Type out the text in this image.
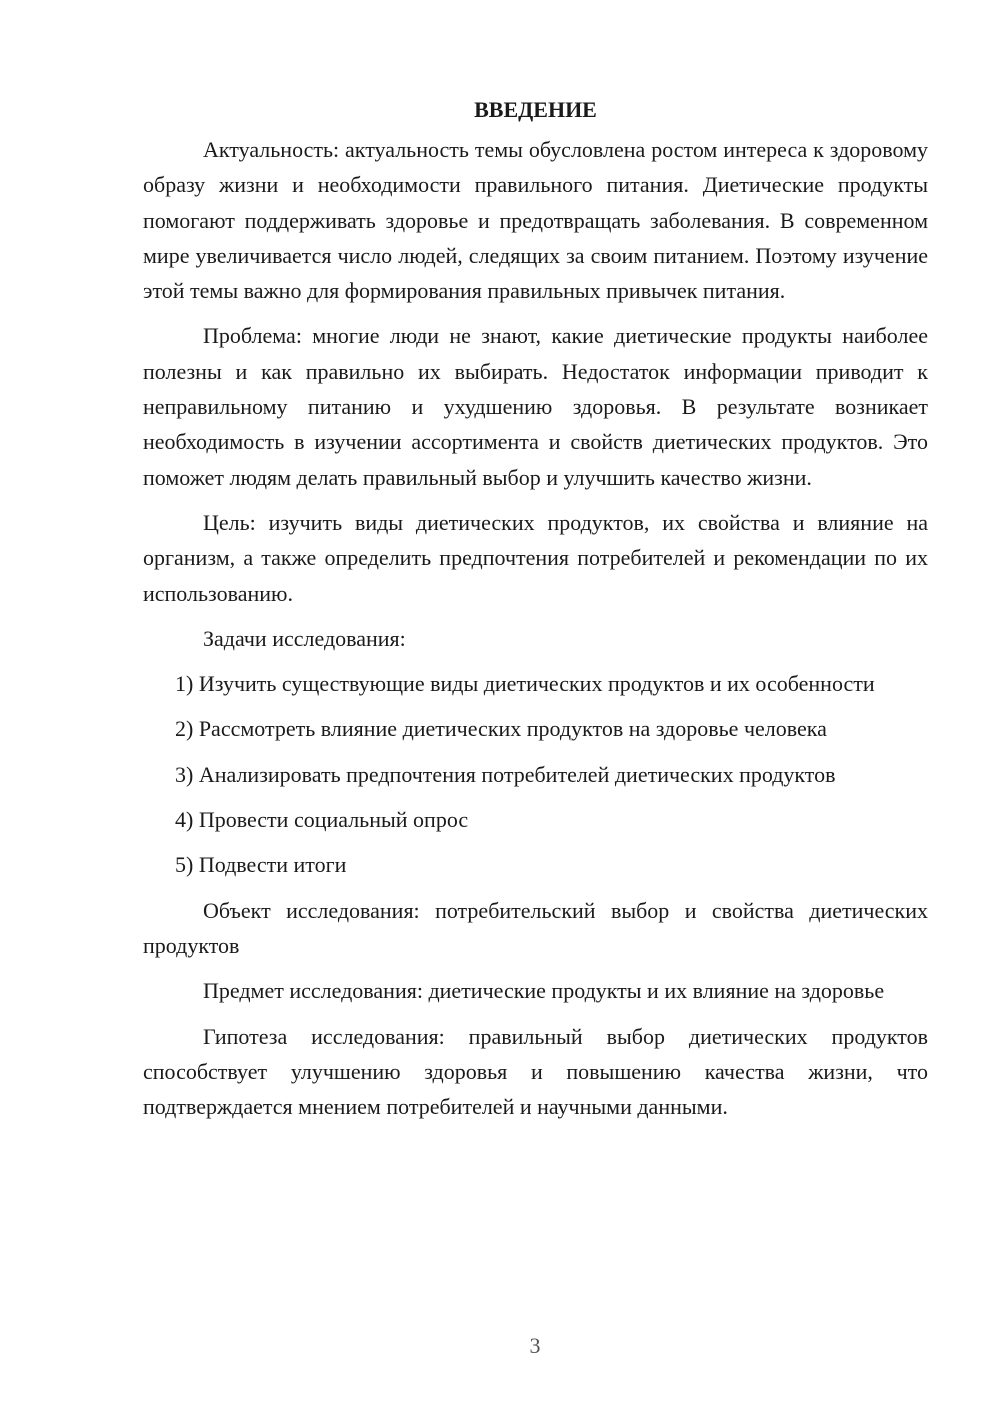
ВВЕДЕНИЕ

Актуальность: актуальность темы обусловлена ростом интереса к здоровому образу жизни и необходимости правильного питания. Диетические продукты помогают поддерживать здоровье и предотвращать заболевания. В современном мире увеличивается число людей, следящих за своим питанием. Поэтому изучение этой темы важно для формирования правильных привычек питания.

Проблема: многие люди не знают, какие диетические продукты наиболее полезны и как правильно их выбирать. Недостаток информации приводит к неправильному питанию и ухудшению здоровья. В результате возникает необходимость в изучении ассортимента и свойств диетических продуктов. Это поможет людям делать правильный выбор и улучшить качество жизни.

Цель: изучить виды диетических продуктов, их свойства и влияние на организм, а также определить предпочтения потребителей и рекомендации по их использованию.

Задачи исследования:

1) Изучить существующие виды диетических продуктов и их особенности

2) Рассмотреть влияние диетических продуктов на здоровье человека

3) Анализировать предпочтения потребителей диетических продуктов

4) Провести социальный опрос

5) Подвести итоги

Объект исследования: потребительский выбор и свойства диетических продуктов

Предмет исследования: диетические продукты и их влияние на здоровье

Гипотеза исследования: правильный выбор диетических продуктов способствует улучшению здоровья и повышению качества жизни, что подтверждается мнением потребителей и научными данными.

3
